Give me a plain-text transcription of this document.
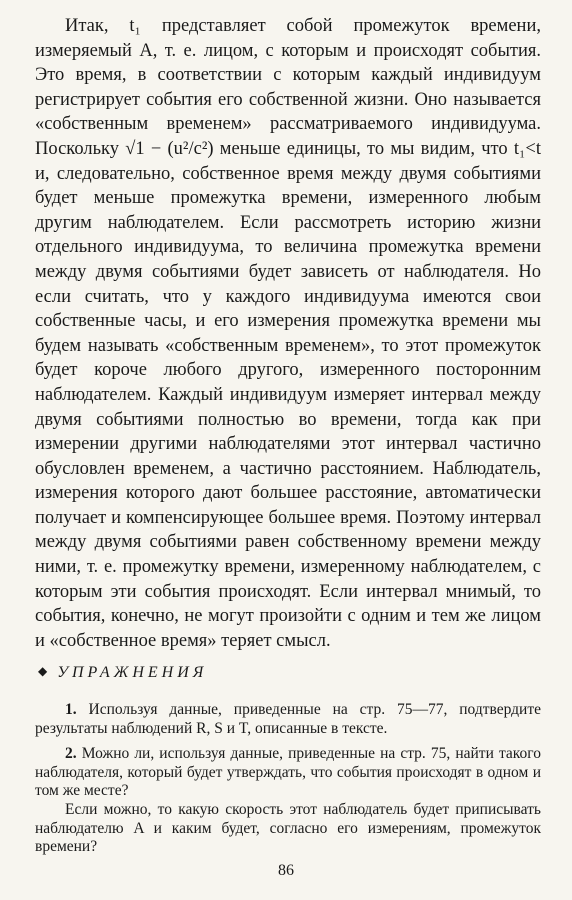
Итак, t₁ представляет собой промежуток времени, измеряемый A, т. е. лицом, с которым и происходят события. Это время, в соответствии с которым каждый индивидуум регистрирует события его собственной жизни. Оно называется «собственным временем» рассматриваемого индивидуума. Поскольку √1 − (u²/c²) меньше единицы, то мы видим, что t₁<t и, следовательно, собственное время между двумя событиями будет меньше промежутка времени, измеренного любым другим наблюдателем. Если рассмотреть историю жизни отдельного индивидуума, то величина промежутка времени между двумя событиями будет зависеть от наблюдателя. Но если считать, что у каждого индивидуума имеются свои собственные часы, и его измерения промежутка времени мы будем называть «собственным временем», то этот промежуток будет короче любого другого, измеренного посторонним наблюдателем. Каждый индивидуум измеряет интервал между двумя событиями полностью во времени, тогда как при измерении другими наблюдателями этот интервал частично обусловлен временем, а частично расстоянием. Наблюдатель, измерения которого дают большее расстояние, автоматически получает и компенсирующее большее время. Поэтому интервал между двумя событиями равен собственному времени между ними, т. е. промежутку времени, измеренному наблюдателем, с которым эти события происходят. Если интервал мнимый, то события, конечно, не могут произойти с одним и тем же лицом и «собственное время» теряет смысл.

◆ УПРАЖНЕНИЯ

1. Используя данные, приведенные на стр. 75—77, подтвердите результаты наблюдений R, S и T, описанные в тексте.

2. Можно ли, используя данные, приведенные на стр. 75, найти такого наблюдателя, который будет утверждать, что события происходят в одном и том же месте?

Если можно, то какую скорость этот наблюдатель будет приписывать наблюдателю A и каким будет, согласно его измерениям, промежуток времени?

86
